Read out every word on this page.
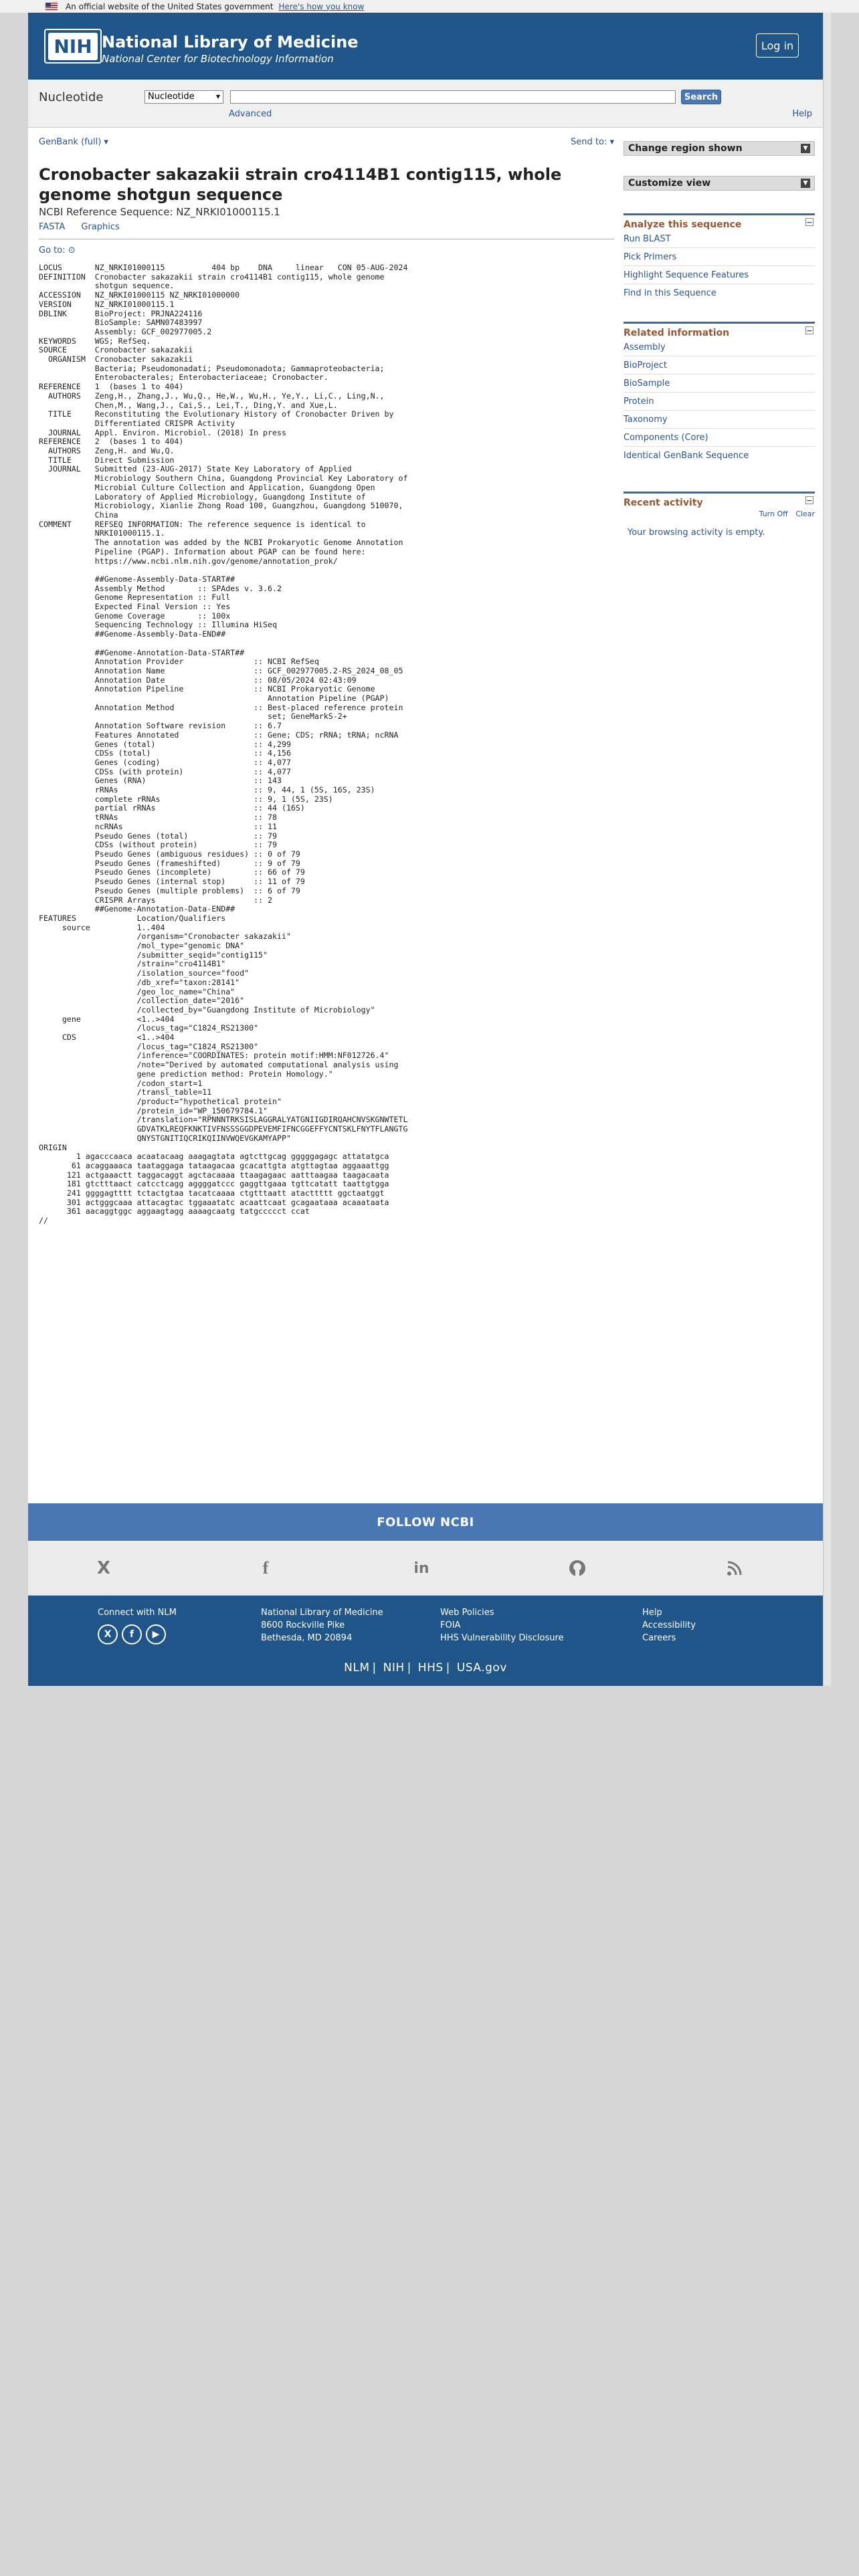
An official website of the United States government Here's how you know
NIH National Library of Medicine
National Center for Biotechnology Information
Log in
Nucleotide	Nucleotide ▾	Search
Advanced	Help
GenBank (full) ▾	Send to: ▾
Cronobacter sakazakii strain cro4114B1 contig115, whole genome shotgun sequence
NCBI Reference Sequence: NZ_NRKI01000115.1
FASTA Graphics
Go to: ⊙
LOCUS       NZ_NRKI01000115          404 bp    DNA     linear   CON 05-AUG-2024
DEFINITION  Cronobacter sakazakii strain cro4114B1 contig115, whole genome
shotgun sequence.
ACCESSION   NZ_NRKI01000115 NZ_NRKI01000000
VERSION     NZ_NRKI01000115.1
DBLINK      BioProject: PRJNA224116
BioSample: SAMN07483997
Assembly: GCF_002977005.2
KEYWORDS    WGS; RefSeq.
SOURCE      Cronobacter sakazakii
ORGANISM  Cronobacter sakazakii
Bacteria; Pseudomonadati; Pseudomonadota; Gammaproteobacteria;
Enterobacterales; Enterobacteriaceae; Cronobacter.
REFERENCE   1  (bases 1 to 404)
AUTHORS   Zeng,H., Zhang,J., Wu,Q., He,W., Wu,H., Ye,Y., Li,C., Ling,N.,
Chen,M., Wang,J., Cai,S., Lei,T., Ding,Y. and Xue,L.
TITLE     Reconstituting the Evolutionary History of Cronobacter Driven by
Differentiated CRISPR Activity
JOURNAL   Appl. Environ. Microbiol. (2018) In press
REFERENCE   2  (bases 1 to 404)
AUTHORS   Zeng,H. and Wu,Q.
TITLE     Direct Submission
JOURNAL   Submitted (23-AUG-2017) State Key Laboratory of Applied
Microbiology Southern China, Guangdong Provincial Key Laboratory of
Microbial Culture Collection and Application, Guangdong Open
Laboratory of Applied Microbiology, Guangdong Institute of
Microbiology, Xianlie Zhong Road 100, Guangzhou, Guangdong 510070,
China
COMMENT     REFSEQ INFORMATION: The reference sequence is identical to
NRKI01000115.1.
The annotation was added by the NCBI Prokaryotic Genome Annotation
Pipeline (PGAP). Information about PGAP can be found here:
https://www.ncbi.nlm.nih.gov/genome/annotation_prok/

##Genome-Assembly-Data-START##
Assembly Method       :: SPAdes v. 3.6.2
Genome Representation :: Full
Expected Final Version :: Yes
Genome Coverage       :: 100x
Sequencing Technology :: Illumina HiSeq
##Genome-Assembly-Data-END##

##Genome-Annotation-Data-START##
Annotation Provider               :: NCBI RefSeq
Annotation Name                   :: GCF_002977005.2-RS_2024_08_05
Annotation Date                   :: 08/05/2024 02:43:09
Annotation Pipeline               :: NCBI Prokaryotic Genome
Annotation Pipeline (PGAP)
Annotation Method                 :: Best-placed reference protein
set; GeneMarkS-2+
Annotation Software revision      :: 6.7
Features Annotated                :: Gene; CDS; rRNA; tRNA; ncRNA
Genes (total)                     :: 4,299
CDSs (total)                      :: 4,156
Genes (coding)                    :: 4,077
CDSs (with protein)               :: 4,077
Genes (RNA)                       :: 143
rRNAs                             :: 9, 44, 1 (5S, 16S, 23S)
complete rRNAs                    :: 9, 1 (5S, 23S)
partial rRNAs                     :: 44 (16S)
tRNAs                             :: 78
ncRNAs                            :: 11
Pseudo Genes (total)              :: 79
CDSs (without protein)            :: 79
Pseudo Genes (ambiguous residues) :: 0 of 79
Pseudo Genes (frameshifted)       :: 9 of 79
Pseudo Genes (incomplete)         :: 66 of 79
Pseudo Genes (internal stop)      :: 11 of 79
Pseudo Genes (multiple problems)  :: 6 of 79
CRISPR Arrays                     :: 2
##Genome-Annotation-Data-END##
FEATURES             Location/Qualifiers
source          1..404
/organism="Cronobacter sakazakii"
/mol_type="genomic DNA"
/submitter_seqid="contig115"
/strain="cro4114B1"
/isolation_source="food"
/db_xref="taxon:28141"
/geo_loc_name="China"
/collection_date="2016"
/collected_by="Guangdong Institute of Microbiology"
gene            <1..>404
/locus_tag="C1824_RS21300"
CDS             <1..>404
/locus_tag="C1824_RS21300"
/inference="COORDINATES: protein motif:HMM:NF012726.4"
/note="Derived by automated computational analysis using
gene prediction method: Protein Homology."
/codon_start=1
/transl_table=11
/product="hypothetical protein"
/protein_id="WP_150679784.1"
/translation="RPNNNTRKSISLAGGRALYATGNIIGDIRQAHCNVSKGNWTETL
GDVATKLREQFKNKTIVFNSSSGGDPEVEMFIFNCGGEFFYCNTSKLFNYTFLANGTG
QNYSTGNITIQCRIKQIINVWQEVGKAMYAPP"
ORIGIN
1 agacccaaca acaatacaag aaagagtata agtcttgcag gggggagagc attatatgca
61 acaggaaaca taataggaga tataagacaa gcacattgta atgttagtaa aggaaattgg
121 actgaaactt taggacaggt agctacaaaa ttaagagaac aatttaagaa taagacaata
181 gtctttaact catcctcagg aggggatccc gaggttgaaa tgttcatatt taattgtgga
241 ggggagtttt tctactgtaa tacatcaaaa ctgtttaatt atacttttt ggctaatggt
301 actgggcaaa attacagtac tggaaatatc acaattcaat gcagaataaa acaaataata
361 aacaggtggc aggaagtagg aaaagcaatg tatgccccct ccat
//
Change region shown	▼
Customize view	▼
Analyze this sequence	−
Run BLAST
Pick Primers
Highlight Sequence Features
Find in this Sequence
Related information	−
Assembly
BioProject
BioSample
Protein
Taxonomy
Components (Core)
Identical GenBank Sequence
Recent activity	−
Turn Off Clear
Your browsing activity is empty.
FOLLOW NCBI
X	f	in
Connect with NLM
X f ▶
National Library of Medicine
8600 Rockville Pike
Bethesda, MD 20894
Web Policies
FOIA
HHS Vulnerability Disclosure
Help
Accessibility
Careers
NLM | NIH | HHS | USA.gov
